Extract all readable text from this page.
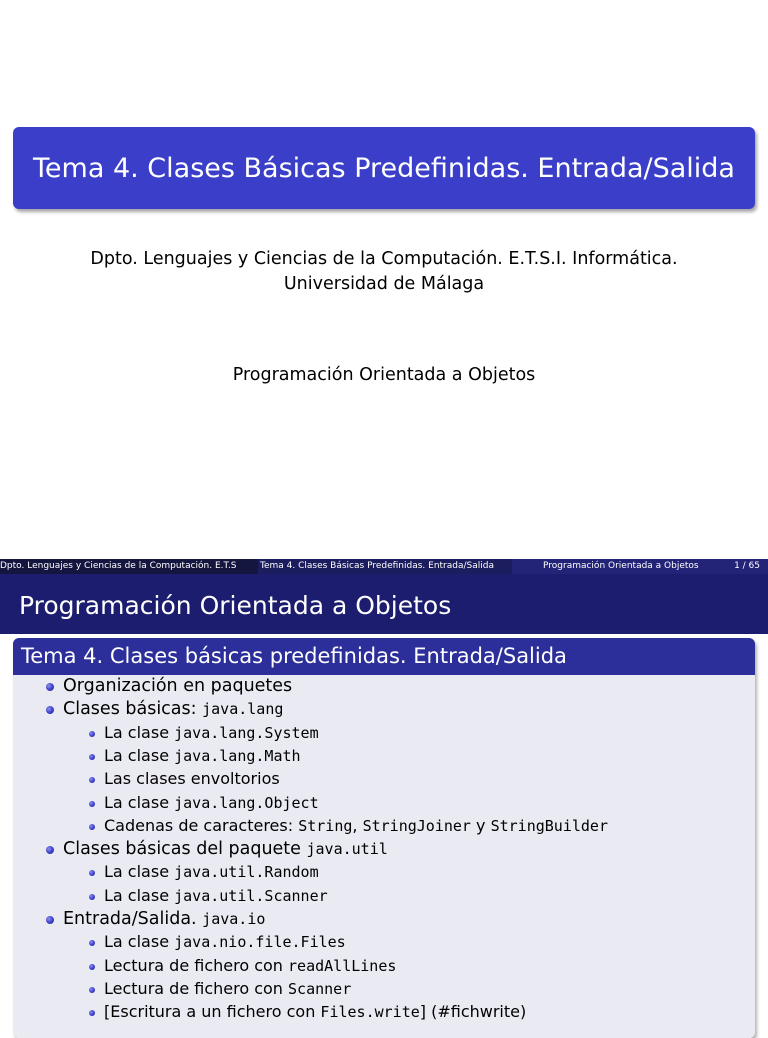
Tema 4. Clases Básicas Predefinidas. Entrada/Salida
Dpto. Lenguajes y Ciencias de la Computación. E.T.S.I. Informática.
Universidad de Málaga
Programación Orientada a Objetos
Dpto. Lenguajes y Ciencias de la Computación. E.T.S	Tema 4. Clases Básicas Predefinidas. Entrada/Salida	Programación Orientada a Objetos	1 / 65
Programación Orientada a Objetos
Tema 4. Clases básicas predefinidas. Entrada/Salida
Organización en paquetes
Clases básicas: java.lang
La clase java.lang.System
La clase java.lang.Math
Las clases envoltorios
La clase java.lang.Object
Cadenas de caracteres: String, StringJoiner y StringBuilder
Clases básicas del paquete java.util
La clase java.util.Random
La clase java.util.Scanner
Entrada/Salida. java.io
La clase java.nio.file.Files
Lectura de fichero con readAllLines
Lectura de fichero con Scanner
[Escritura a un fichero con Files.write] (#fichwrite)
